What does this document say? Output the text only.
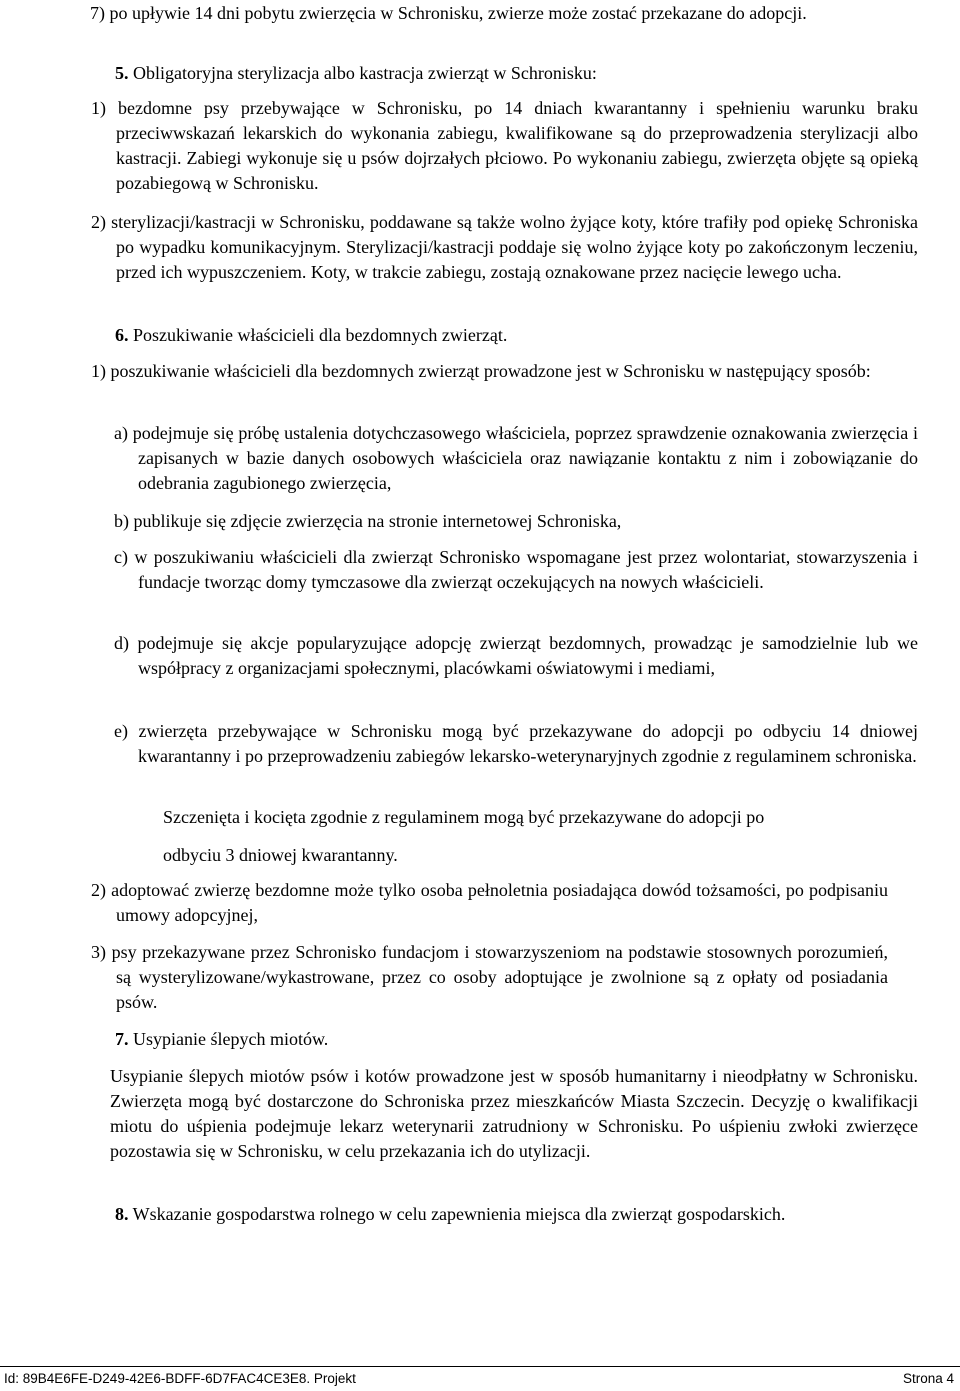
7) po upływie 14 dni pobytu zwierzęcia w Schronisku, zwierze może zostać przekazane do adopcji.

5. Obligatoryjna sterylizacja albo kastracja zwierząt w Schronisku:

1) bezdomne psy przebywające w Schronisku, po 14 dniach kwarantanny i spełnieniu warunku braku przeciwwskazań lekarskich do wykonania zabiegu, kwalifikowane są do przeprowadzenia sterylizacji albo kastracji. Zabiegi wykonuje się u psów dojrzałych płciowo. Po wykonaniu zabiegu, zwierzęta objęte są opieką pozabiegową w Schronisku.

2) sterylizacji/kastracji w Schronisku, poddawane są także wolno żyjące koty, które trafiły pod opiekę Schroniska po wypadku komunikacyjnym. Sterylizacji/kastracji poddaje się wolno żyjące koty po zakończonym leczeniu, przed ich wypuszczeniem. Koty, w trakcie zabiegu, zostają oznakowane przez nacięcie lewego ucha.

6. Poszukiwanie właścicieli dla bezdomnych zwierząt.

1) poszukiwanie właścicieli dla bezdomnych zwierząt prowadzone jest w Schronisku w następujący sposób:

a) podejmuje się próbę ustalenia dotychczasowego właściciela, poprzez sprawdzenie oznakowania zwierzęcia i zapisanych w bazie danych osobowych właściciela oraz nawiązanie kontaktu z nim i zobowiązanie do odebrania zagubionego zwierzęcia,

b) publikuje się zdjęcie zwierzęcia na stronie internetowej Schroniska,

c) w poszukiwaniu właścicieli dla zwierząt Schronisko wspomagane jest przez wolontariat, stowarzyszenia i fundacje tworząc domy tymczasowe dla zwierząt oczekujących na nowych właścicieli.

d) podejmuje się akcje popularyzujące adopcję zwierząt bezdomnych, prowadząc je samodzielnie lub we współpracy z organizacjami społecznymi, placówkami oświatowymi i mediami,

e) zwierzęta przebywające w Schronisku mogą być przekazywane do adopcji po odbyciu 14 dniowej kwarantanny i po przeprowadzeniu zabiegów lekarsko-weterynaryjnych zgodnie z regulaminem schroniska.

Szczenięta i kocięta zgodnie z regulaminem mogą być przekazywane do adopcji po

odbyciu 3 dniowej kwarantanny.

2) adoptować zwierzę bezdomne może tylko osoba pełnoletnia posiadająca dowód tożsamości, po podpisaniu umowy adopcyjnej,

3) psy przekazywane przez Schronisko fundacjom i stowarzyszeniom na podstawie stosownych porozumień, są wysterylizowane/wykastrowane, przez co osoby adoptujące je zwolnione są z opłaty od posiadania psów.

7. Usypianie ślepych miotów.

Usypianie ślepych miotów psów i kotów prowadzone jest w sposób humanitarny i nieodpłatny w Schronisku. Zwierzęta mogą być dostarczone do Schroniska przez mieszkańców Miasta Szczecin. Decyzję o kwalifikacji miotu do uśpienia podejmuje lekarz weterynarii zatrudniony w Schronisku. Po uśpieniu zwłoki zwierzęce pozostawia się w Schronisku, w celu przekazania ich do utylizacji.

8. Wskazanie gospodarstwa rolnego w celu zapewnienia miejsca dla zwierząt gospodarskich.

Id: 89B4E6FE-D249-42E6-BDFF-6D7FAC4CE3E8. Projekt	Strona 4
